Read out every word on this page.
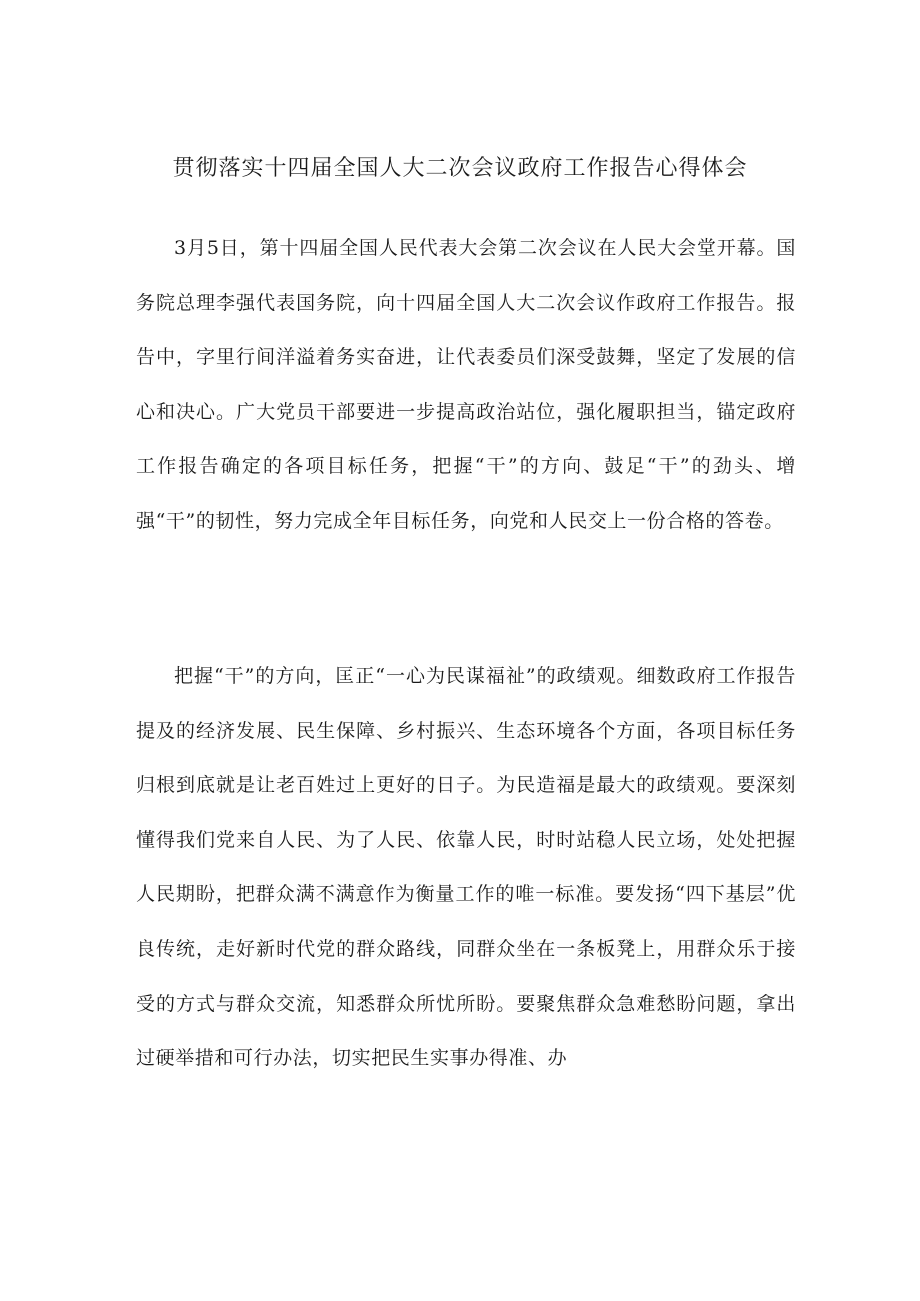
贯彻落实十四届全国人大二次会议政府工作报告心得体会

3月5日，第十四届全国人民代表大会第二次会议在人民大会堂开幕。国务院总理李强代表国务院，向十四届全国人大二次会议作政府工作报告。报告中，字里行间洋溢着务实奋进，让代表委员们深受鼓舞，坚定了发展的信心和决心。广大党员干部要进一步提高政治站位，强化履职担当，锚定政府工作报告确定的各项目标任务，把握“干”的方向、鼓足“干”的劲头、增强“干”的韧性，努力完成全年目标任务，向党和人民交上一份合格的答卷。

把握“干”的方向，匡正“一心为民谋福祉”的政绩观。细数政府工作报告提及的经济发展、民生保障、乡村振兴、生态环境各个方面，各项目标任务归根到底就是让老百姓过上更好的日子。为民造福是最大的政绩观。要深刻懂得我们党来自人民、为了人民、依靠人民，时时站稳人民立场，处处把握人民期盼，把群众满不满意作为衡量工作的唯一标准。要发扬“四下基层”优良传统，走好新时代党的群众路线，同群众坐在一条板凳上，用群众乐于接受的方式与群众交流，知悉群众所忧所盼。要聚焦群众急难愁盼问题，拿出过硬举措和可行办法，切实把民生实事办得准、办
